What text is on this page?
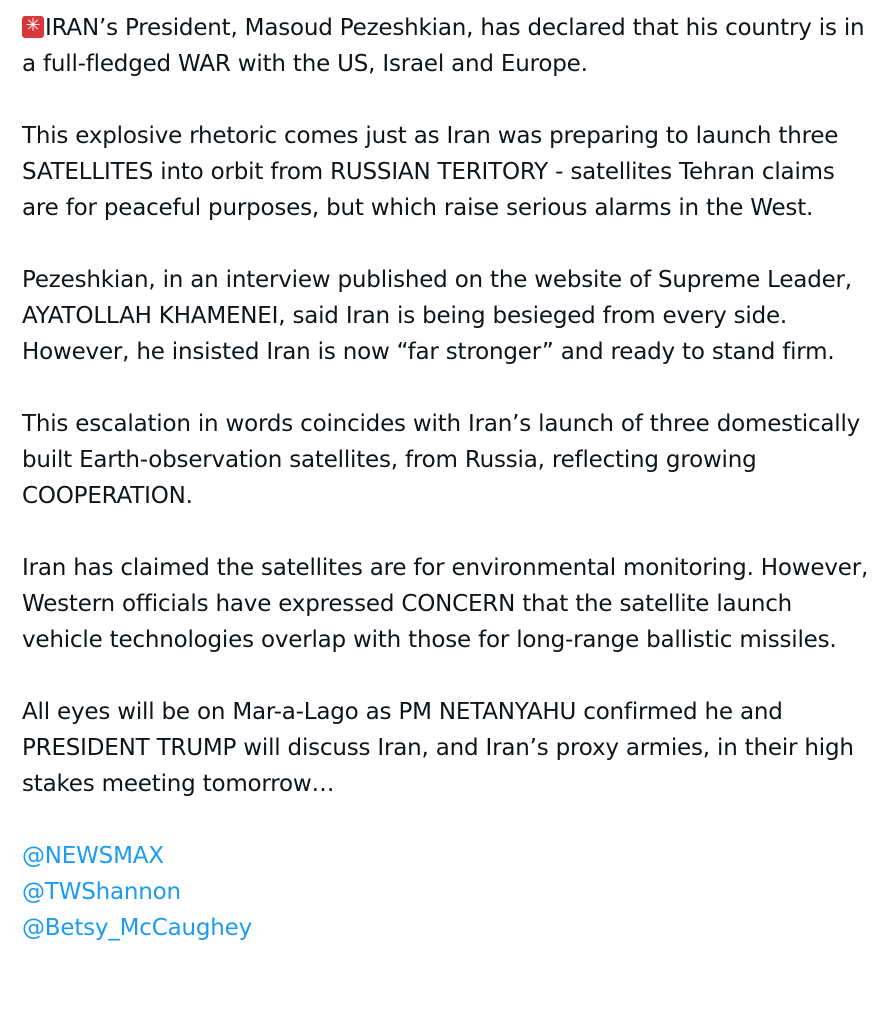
✳IRAN’s President, Masoud Pezeshkian, has declared that his country is in a full-fledged WAR with the US, Israel and Europe.

This explosive rhetoric comes just as Iran was preparing to launch three SATELLITES into orbit from RUSSIAN TERITORY - satellites Tehran claims are for peaceful purposes, but which raise serious alarms in the West.

Pezeshkian, in an interview published on the website of Supreme Leader, AYATOLLAH KHAMENEI, said Iran is being besieged from every side. However, he insisted Iran is now “far stronger” and ready to stand firm.

This escalation in words coincides with Iran’s launch of three domestically built Earth-observation satellites, from Russia, reflecting growing COOPERATION.

Iran has claimed the satellites are for environmental monitoring. However, Western officials have expressed CONCERN that the satellite launch vehicle technologies overlap with those for long-range ballistic missiles.

All eyes will be on Mar-a-Lago as PM NETANYAHU confirmed he and PRESIDENT TRUMP will discuss Iran, and Iran’s proxy armies, in their high stakes meeting tomorrow…

@NEWSMAX
@TWShannon
@Betsy_McCaughey
